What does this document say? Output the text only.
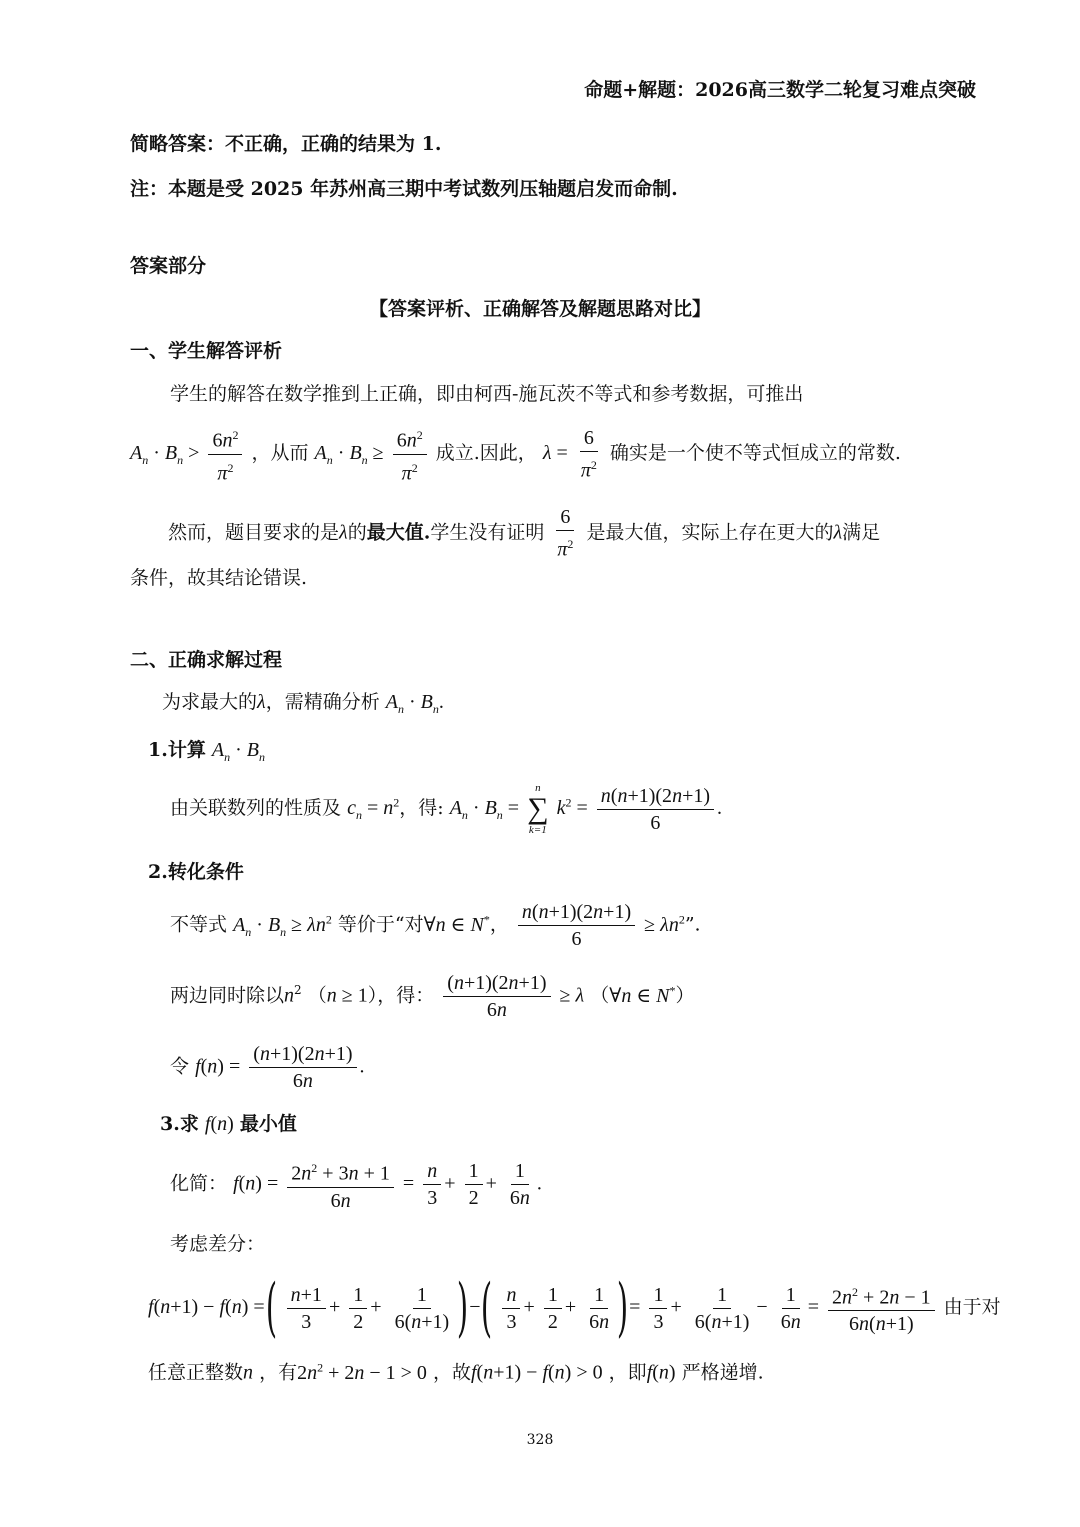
命题+解题：2026高三数学二轮复习难点突破
简略答案：不正确，正确的结果为 1.
注：本题是受 2025 年苏州高三期中考试数列压轴题启发而命制.
答案部分
【答案评析、正确解答及解题思路对比】
一、学生解答评析
学生的解答在数学推到上正确，即由柯西-施瓦茨不等式和参考数据，可推出
$A_n \cdot B_n > \frac{6n^2}{\pi^2}$ ，从而 $A_n \cdot B_n \ge \frac{6n^2}{\pi^2}$ 成立.因此， $\lambda = \frac{6}{\pi^2}$ 确实是一个使不等式恒成立的常数.
然而，题目要求的是λ的最大值.学生没有证明 $\frac{6}{\pi^2}$ 是最大值，实际上存在更大的λ满足
条件，故其结论错误.
二、正确求解过程
为求最大的λ，需精确分析 $A_n \cdot B_n$.
1.计算 $A_n \cdot B_n$
由关联数列的性质及 $c_n = n^2$，得: $A_n \cdot B_n$ =
n
∑
k=1
$k^2 = \frac{n(n+1)(2n+1)}{6}$ .
2.转化条件
不等式 $A_n \cdot B_n \ge \lambda n^2$ 等价于“对∀n ∈ N*， $\frac{n(n+1)(2n+1)}{6} \ge \lambda n^2$”.
两边同时除以$n^2$ （n ≥ 1），得： $\frac{(n+1)(2n+1)}{6n} \ge \lambda$ （∀n ∈ N*）
令 $f(n) = \frac{(n+1)(2n+1)}{6n}$ .
3.求 f(n) 最小值
化简： $f(n) = \frac{2n^2 + 3n + 1}{6n} = \frac{n}{3} + \frac{1}{2} + \frac{1}{6n}$ .
考虑差分：
f(n+1) − f(n) =( $\frac{n+1}{3} + \frac{1}{2} + \frac{1}{6(n+1)}$ )−( $\frac{n}{3} + \frac{1}{2} + \frac{1}{6n}$ )= $\frac{1}{3} + \frac{1}{6(n+1)} - \frac{1}{6n} = \frac{2n^2 + 2n - 1}{6n(n+1)}$ 由于对
任意正整数n ，有$2n^2 + 2n - 1 > 0$ ，故f(n+1) − f(n) > 0 ，即f(n) 严格递增.
328
